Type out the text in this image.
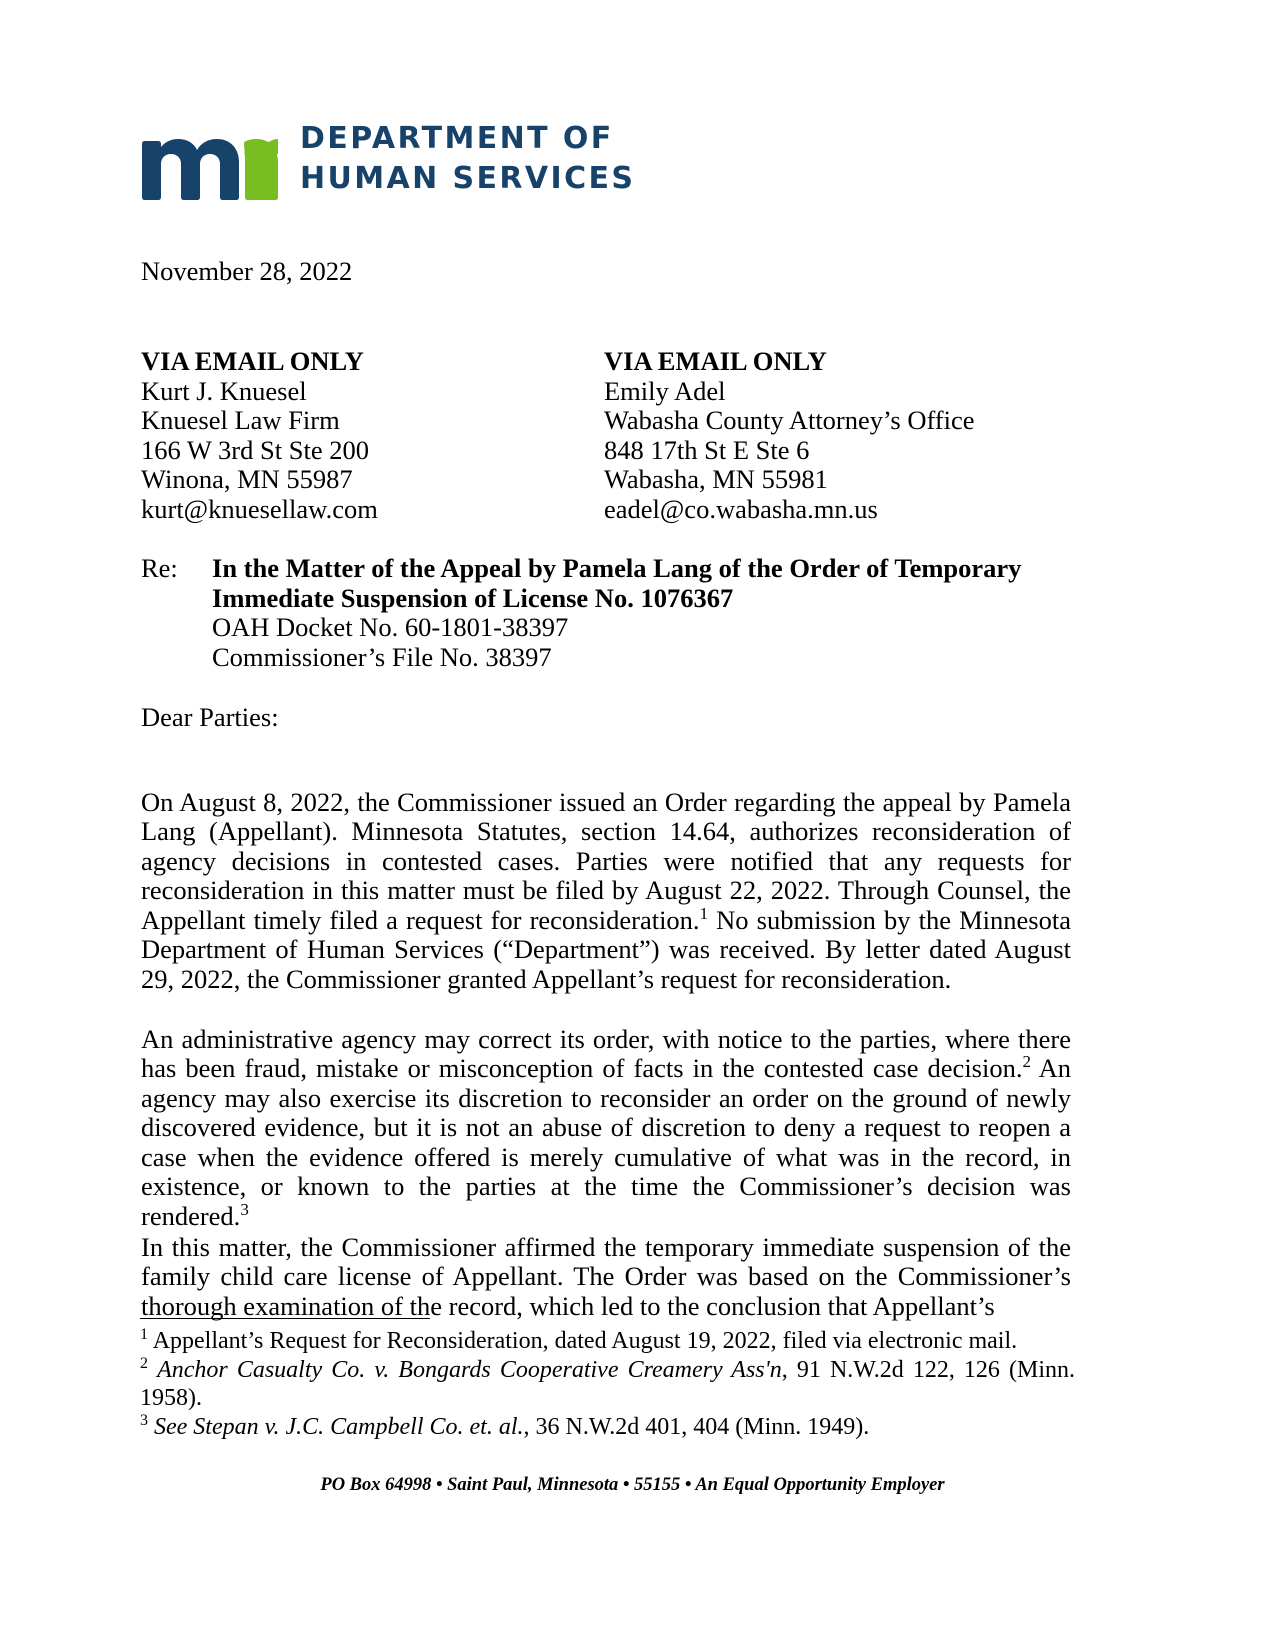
DEPARTMENT OF
HUMAN SERVICES
November 28, 2022
VIA EMAIL ONLY
Kurt J. Knuesel
Knuesel Law Firm
166 W 3rd St Ste 200
Winona, MN 55987
kurt@knuesellaw.com
VIA EMAIL ONLY
Emily Adel
Wabasha County Attorney’s Office
848 17th St E Ste 6
Wabasha, MN 55981
eadel@co.wabasha.mn.us
Re:	In the Matter of the Appeal by Pamela Lang of the Order of Temporary
Immediate Suspension of License No. 1076367
OAH Docket No. 60-1801-38397
Commissioner’s File No. 38397
Dear Parties:

On August 8, 2022, the Commissioner issued an Order regarding the appeal by Pamela Lang (Appellant). Minnesota Statutes, section 14.64, authorizes reconsideration of agency decisions in contested cases. Parties were notified that any requests for reconsideration in this matter must be filed by August 22, 2022. Through Counsel, the Appellant timely filed a request for reconsideration.$^1$ No submission by the Minnesota Department of Human Services (“Department”) was received. By letter dated August 29, 2022, the Commissioner granted Appellant’s request for reconsideration.

An administrative agency may correct its order, with notice to the parties, where there has been fraud, mistake or misconception of facts in the contested case decision.$^2$ An agency may also exercise its discretion to reconsider an order on the ground of newly discovered evidence, but it is not an abuse of discretion to deny a request to reopen a case when the evidence offered is merely cumulative of what was in the record, in existence, or known to the parties at the time the Commissioner’s decision was rendered.$^3$

In this matter, the Commissioner affirmed the temporary immediate suspension of the family child care license of Appellant. The Order was based on the Commissioner’s thorough examination of the record, which led to the conclusion that Appellant’s

$^1$ Appellant’s Request for Reconsideration, dated August 19, 2022, filed via electronic mail.
$^2$ Anchor Casualty Co. v. Bongards Cooperative Creamery Ass'n, 91 N.W.2d 122, 126 (Minn. 1958).
$^3$ See Stepan v. J.C. Campbell Co. et. al., 36 N.W.2d 401, 404 (Minn. 1949).
PO Box 64998 • Saint Paul, Minnesota • 55155 • An Equal Opportunity Employer
